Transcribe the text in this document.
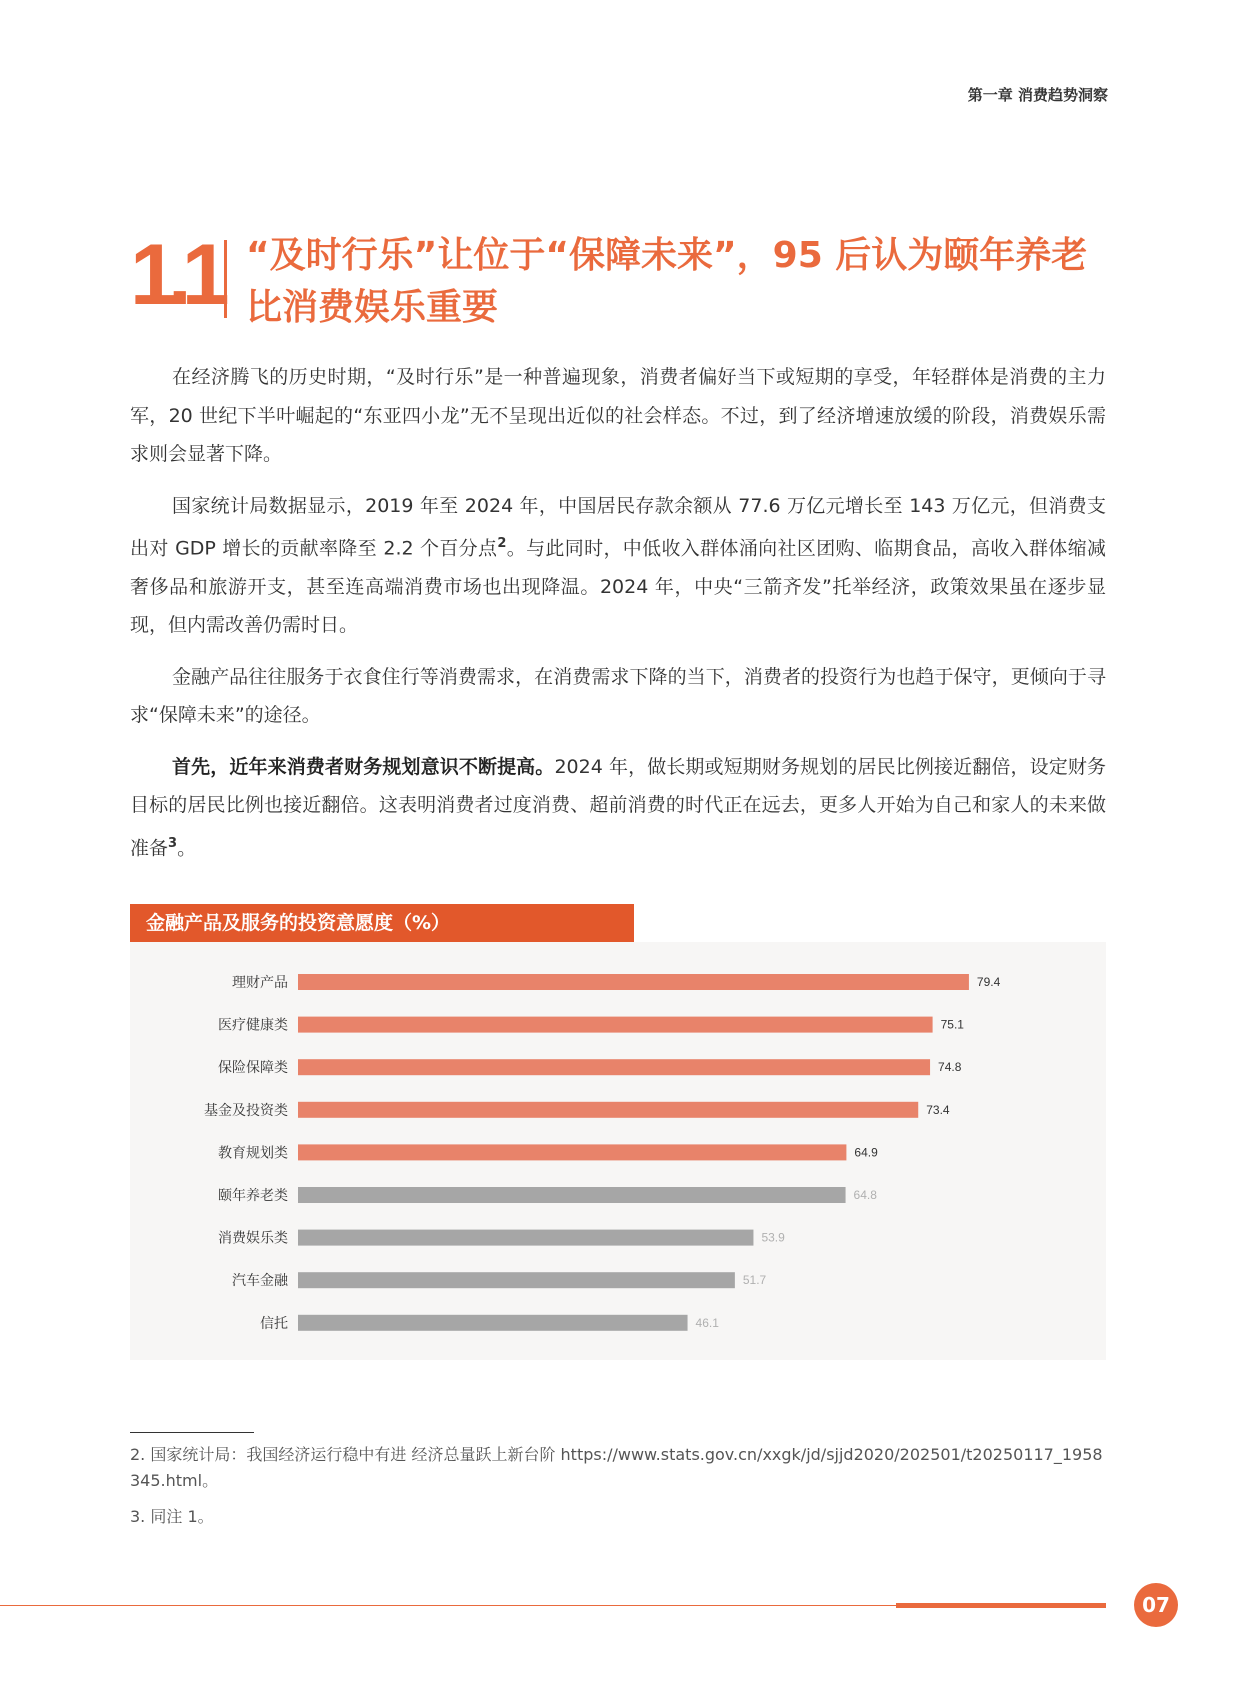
第一章 消费趋势洞察
1.1 “及时行乐”让位于“保障未来”，95 后认为颐年养老比消费娱乐重要

在经济腾飞的历史时期，“及时行乐”是一种普遍现象，消费者偏好当下或短期的享受，年轻群体是消费的主力军，20 世纪下半叶崛起的“东亚四小龙”无不呈现出近似的社会样态。不过，到了经济增速放缓的阶段，消费娱乐需求则会显著下降。

国家统计局数据显示，2019 年至 2024 年，中国居民存款余额从 77.6 万亿元增长至 143 万亿元，但消费支出对 GDP 增长的贡献率降至 2.2 个百分点$^2$。与此同时，中低收入群体涌向社区团购、临期食品，高收入群体缩减奢侈品和旅游开支，甚至连高端消费市场也出现降温。2024 年，中央“三箭齐发”托举经济，政策效果虽在逐步显现，但内需改善仍需时日。

金融产品往往服务于衣食住行等消费需求，在消费需求下降的当下，消费者的投资行为也趋于保守，更倾向于寻求“保障未来”的途径。

首先，近年来消费者财务规划意识不断提高。2024 年，做长期或短期财务规划的居民比例接近翻倍，设定财务目标的居民比例也接近翻倍。这表明消费者过度消费、超前消费的时代正在远去，更多人开始为自己和家人的未来做准备$^3$。

金融产品及服务的投资意愿度（%）
理财产品	79.4
医疗健康类	75.1
保险保障类	74.8
基金及投资类	73.4
教育规划类	64.9
颐年养老类	64.8
消费娱乐类	53.9
汽车金融	51.7
信托	46.1

2. 国家统计局：我国经济运行稳中有进 经济总量跃上新台阶 https://www.stats.gov.cn/xxgk/jd/sjjd2020/202501/t20250117_1958345.html。

3. 同注 1。

07
